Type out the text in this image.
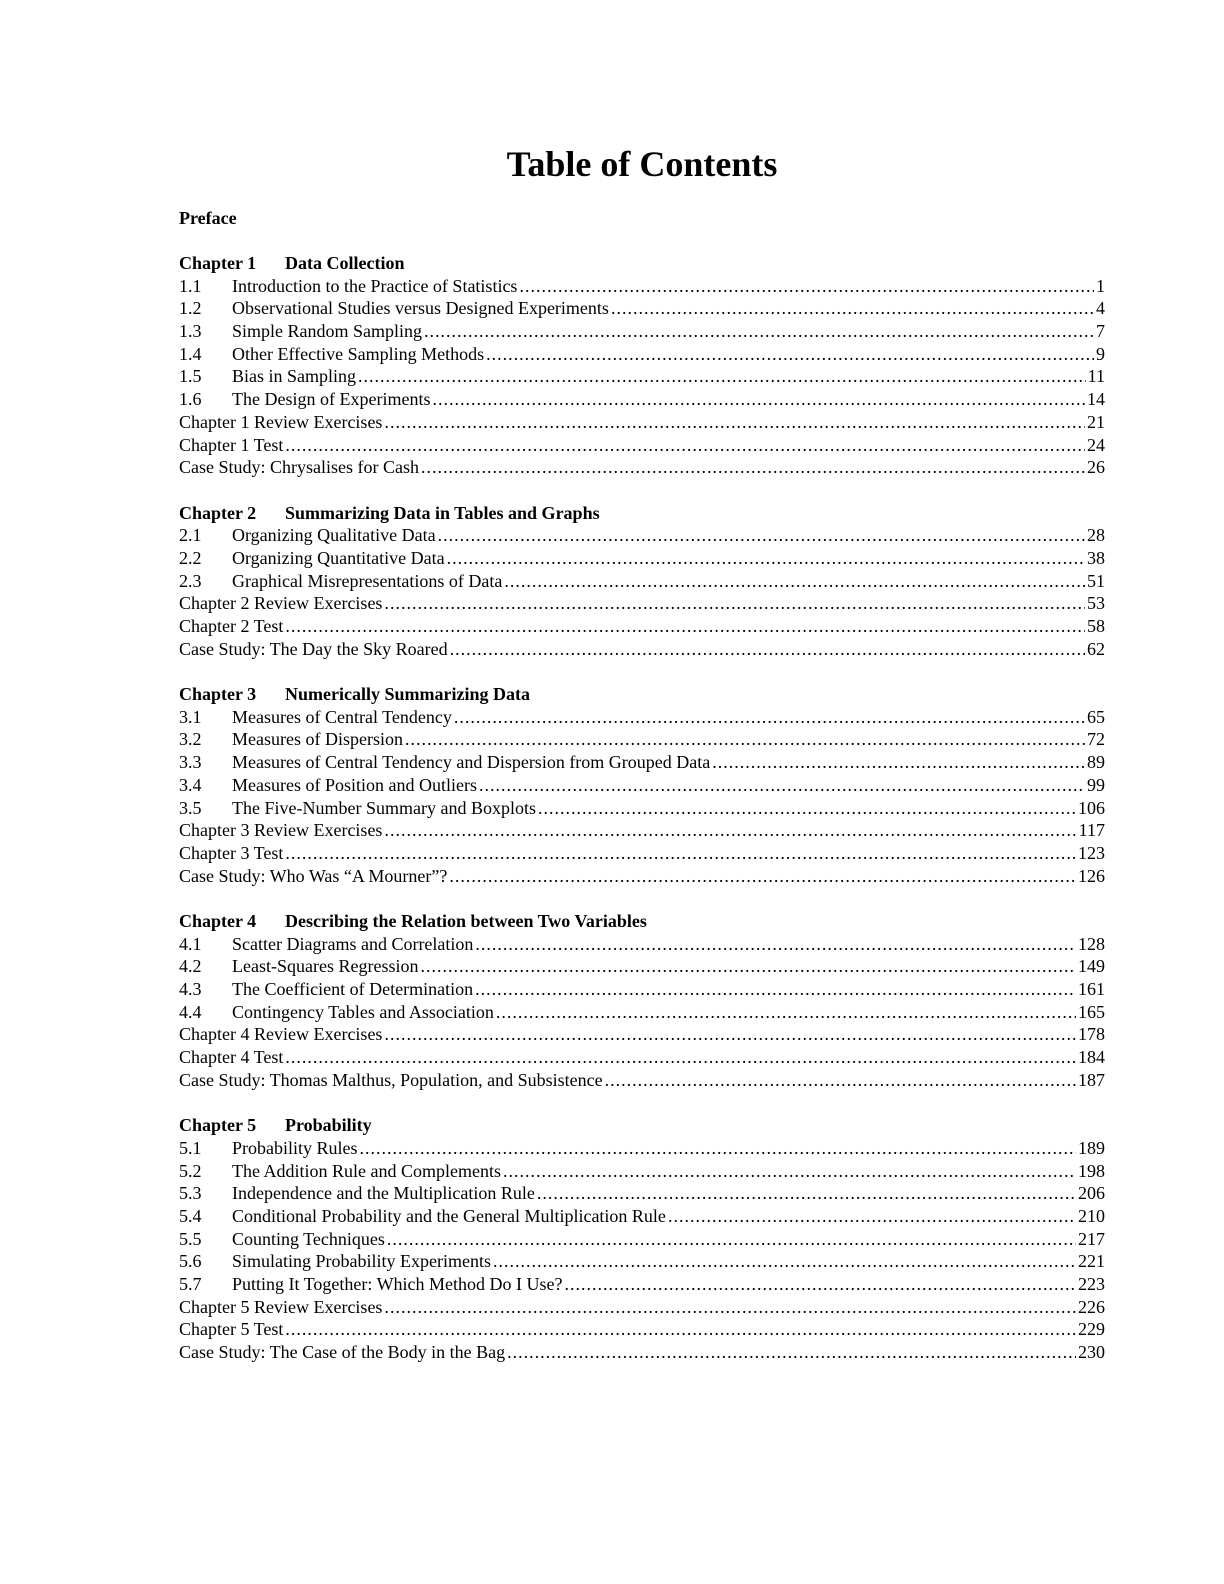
Table of Contents
Preface
Chapter 1 Data Collection
1.1	Introduction to the Practice of Statistics .....	1
1.2	Observational Studies versus Designed Experiments .....	4
1.3	Simple Random Sampling .....	7
1.4	Other Effective Sampling Methods .....	9
1.5	Bias in Sampling .....	11
1.6	The Design of Experiments .....	14
Chapter 1 Review Exercises .....	21
Chapter 1 Test .....	24
Case Study: Chrysalises for Cash .....	26
Chapter 2 Summarizing Data in Tables and Graphs
2.1	Organizing Qualitative Data .....	28
2.2	Organizing Quantitative Data .....	38
2.3	Graphical Misrepresentations of Data .....	51
Chapter 2 Review Exercises .....	53
Chapter 2 Test .....	58
Case Study: The Day the Sky Roared .....	62
Chapter 3 Numerically Summarizing Data
3.1	Measures of Central Tendency .....	65
3.2	Measures of Dispersion .....	72
3.3	Measures of Central Tendency and Dispersion from Grouped Data .....	89
3.4	Measures of Position and Outliers .....	99
3.5	The Five-Number Summary and Boxplots .....	106
Chapter 3 Review Exercises .....	117
Chapter 3 Test .....	123
Case Study: Who Was “A Mourner”? .....	126
Chapter 4 Describing the Relation between Two Variables
4.1	Scatter Diagrams and Correlation .....	128
4.2	Least-Squares Regression .....	149
4.3	The Coefficient of Determination .....	161
4.4	Contingency Tables and Association .....	165
Chapter 4 Review Exercises .....	178
Chapter 4 Test .....	184
Case Study: Thomas Malthus, Population, and Subsistence .....	187
Chapter 5 Probability
5.1	Probability Rules .....	189
5.2	The Addition Rule and Complements .....	198
5.3	Independence and the Multiplication Rule .....	206
5.4	Conditional Probability and the General Multiplication Rule .....	210
5.5	Counting Techniques .....	217
5.6	Simulating Probability Experiments .....	221
5.7	Putting It Together: Which Method Do I Use? .....	223
Chapter 5 Review Exercises .....	226
Chapter 5 Test .....	229
Case Study: The Case of the Body in the Bag .....	230
